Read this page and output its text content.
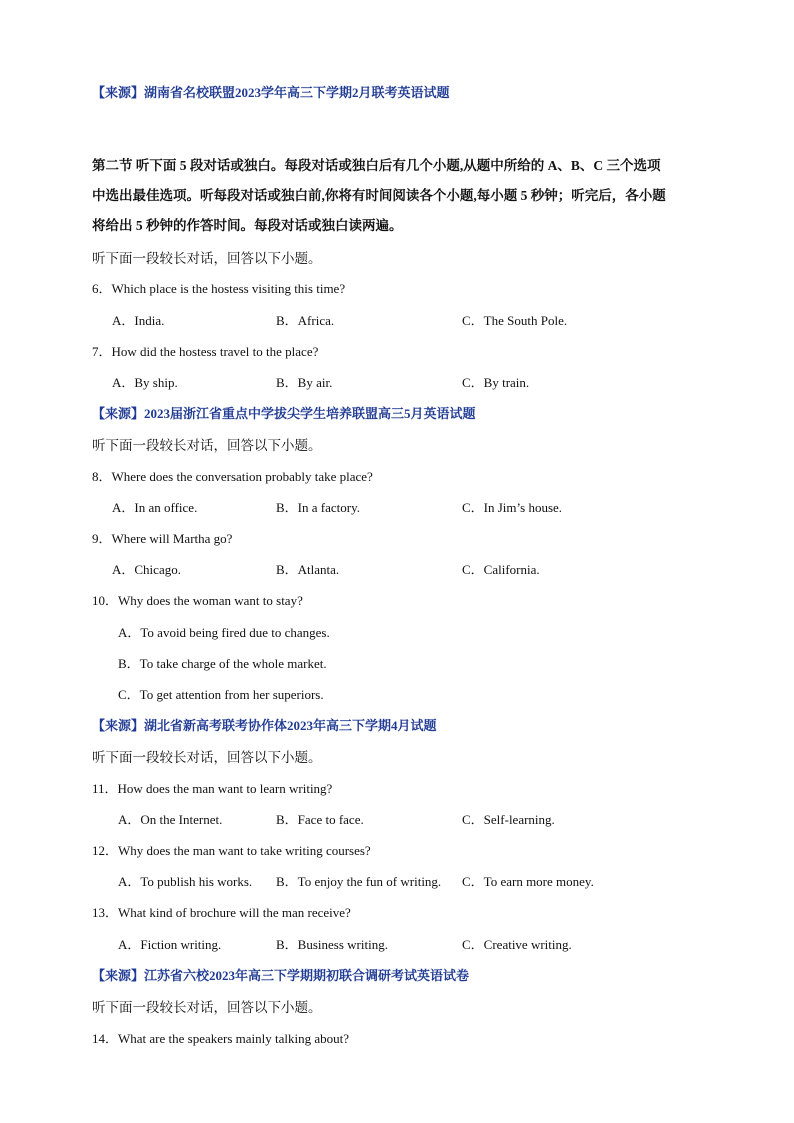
【来源】湖南省名校联盟2023学年高三下学期2月联考英语试题
第二节 听下面 5 段对话或独白。每段对话或独白后有几个小题,从题中所给的 A、B、C 三个选项
中选出最佳选项。听每段对话或独白前,你将有时间阅读各个小题,每小题 5 秒钟；听完后，各小题
将给出 5 秒钟的作答时间。每段对话或独白读两遍。
听下面一段较长对话，回答以下小题。
6．Which place is the hostess visiting this time?
A．India.	B．Africa.	C．The South Pole.
7．How did the hostess travel to the place?
A．By ship.	B．By air.	C．By train.
【来源】2023届浙江省重点中学拔尖学生培养联盟高三5月英语试题
听下面一段较长对话，回答以下小题。
8．Where does the conversation probably take place?
A．In an office.	B．In a factory.	C．In Jim’s house.
9．Where will Martha go?
A．Chicago.	B．Atlanta.	C．California.
10．Why does the woman want to stay?
A．To avoid being fired due to changes.
B．To take charge of the whole market.
C．To get attention from her superiors.
【来源】湖北省新高考联考协作体2023年高三下学期4月试题
听下面一段较长对话，回答以下小题。
11．How does the man want to learn writing?
A．On the Internet.	B．Face to face.	C．Self-learning.
12．Why does the man want to take writing courses?
A．To publish his works. B．To enjoy the fun of writing. C．To earn more money.
13．What kind of brochure will the man receive?
A．Fiction writing.	B．Business writing.	C．Creative writing.
【来源】江苏省六校2023年高三下学期期初联合调研考试英语试卷
听下面一段较长对话，回答以下小题。
14．What are the speakers mainly talking about?
